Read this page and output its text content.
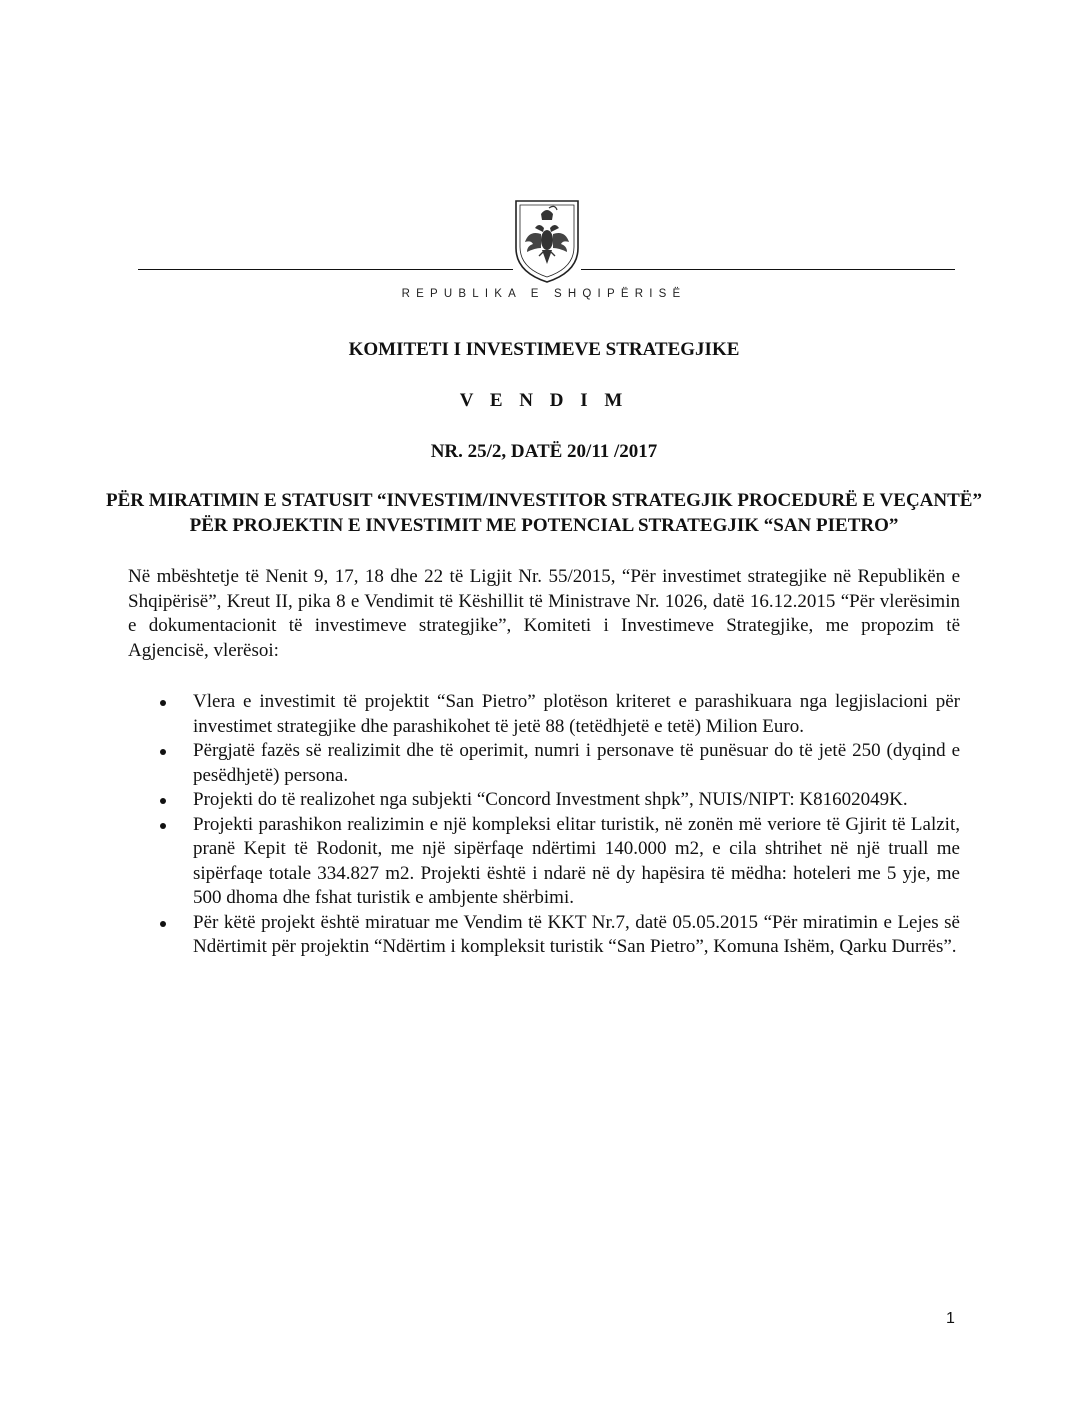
REPUBLIKA E SHQIPËRISË
KOMITETI I INVESTIMEVE STRATEGJIKE
V E N D I M
NR. 25/2, DATË 20/11 /2017
PËR MIRATIMIN E STATUSIT “INVESTIM/INVESTITOR STRATEGJIK PROCEDURË E VEÇANTË” PËR PROJEKTIN E INVESTIMIT ME POTENCIAL STRATEGJIK “SAN PIETRO”
Në mbështetje të Nenit 9, 17, 18 dhe 22 të Ligjit Nr. 55/2015, “Për investimet strategjike në Republikën e Shqipërisë”, Kreut II, pika 8 e Vendimit të Këshillit të Ministrave Nr. 1026, datë 16.12.2015 “Për vlerësimin e dokumentacionit të investimeve strategjike”, Komiteti i Investimeve Strategjike, me propozim të Agjencisë, vlerësoi:
Vlera e investimit të projektit “San Pietro” plotëson kriteret e parashikuara nga legjislacioni për investimet strategjike dhe parashikohet të jetë 88 (tetëdhjetë e tetë) Milion Euro.
Përgjatë fazës së realizimit dhe të operimit, numri i personave të punësuar do të jetë 250 (dyqind e pesëdhjetë) persona.
Projekti do të realizohet nga subjekti “Concord Investment shpk”, NUIS/NIPT: K81602049K.
Projekti parashikon realizimin e një kompleksi elitar turistik, në zonën më veriore të Gjirit të Lalzit, pranë Kepit të Rodonit, me një sipërfaqe ndërtimi 140.000 m2, e cila shtrihet në një truall me sipërfaqe totale 334.827 m2. Projekti është i ndarë në dy hapësira të mëdha: hoteleri me 5 yje, me 500 dhoma dhe fshat turistik e ambjente shërbimi.
Për këtë projekt është miratuar me Vendim të KKT Nr.7, datë 05.05.2015 “Për miratimin e Lejes së Ndërtimit për projektin “Ndërtim i kompleksit turistik “San Pietro”, Komuna Ishëm, Qarku Durrës”.
1
